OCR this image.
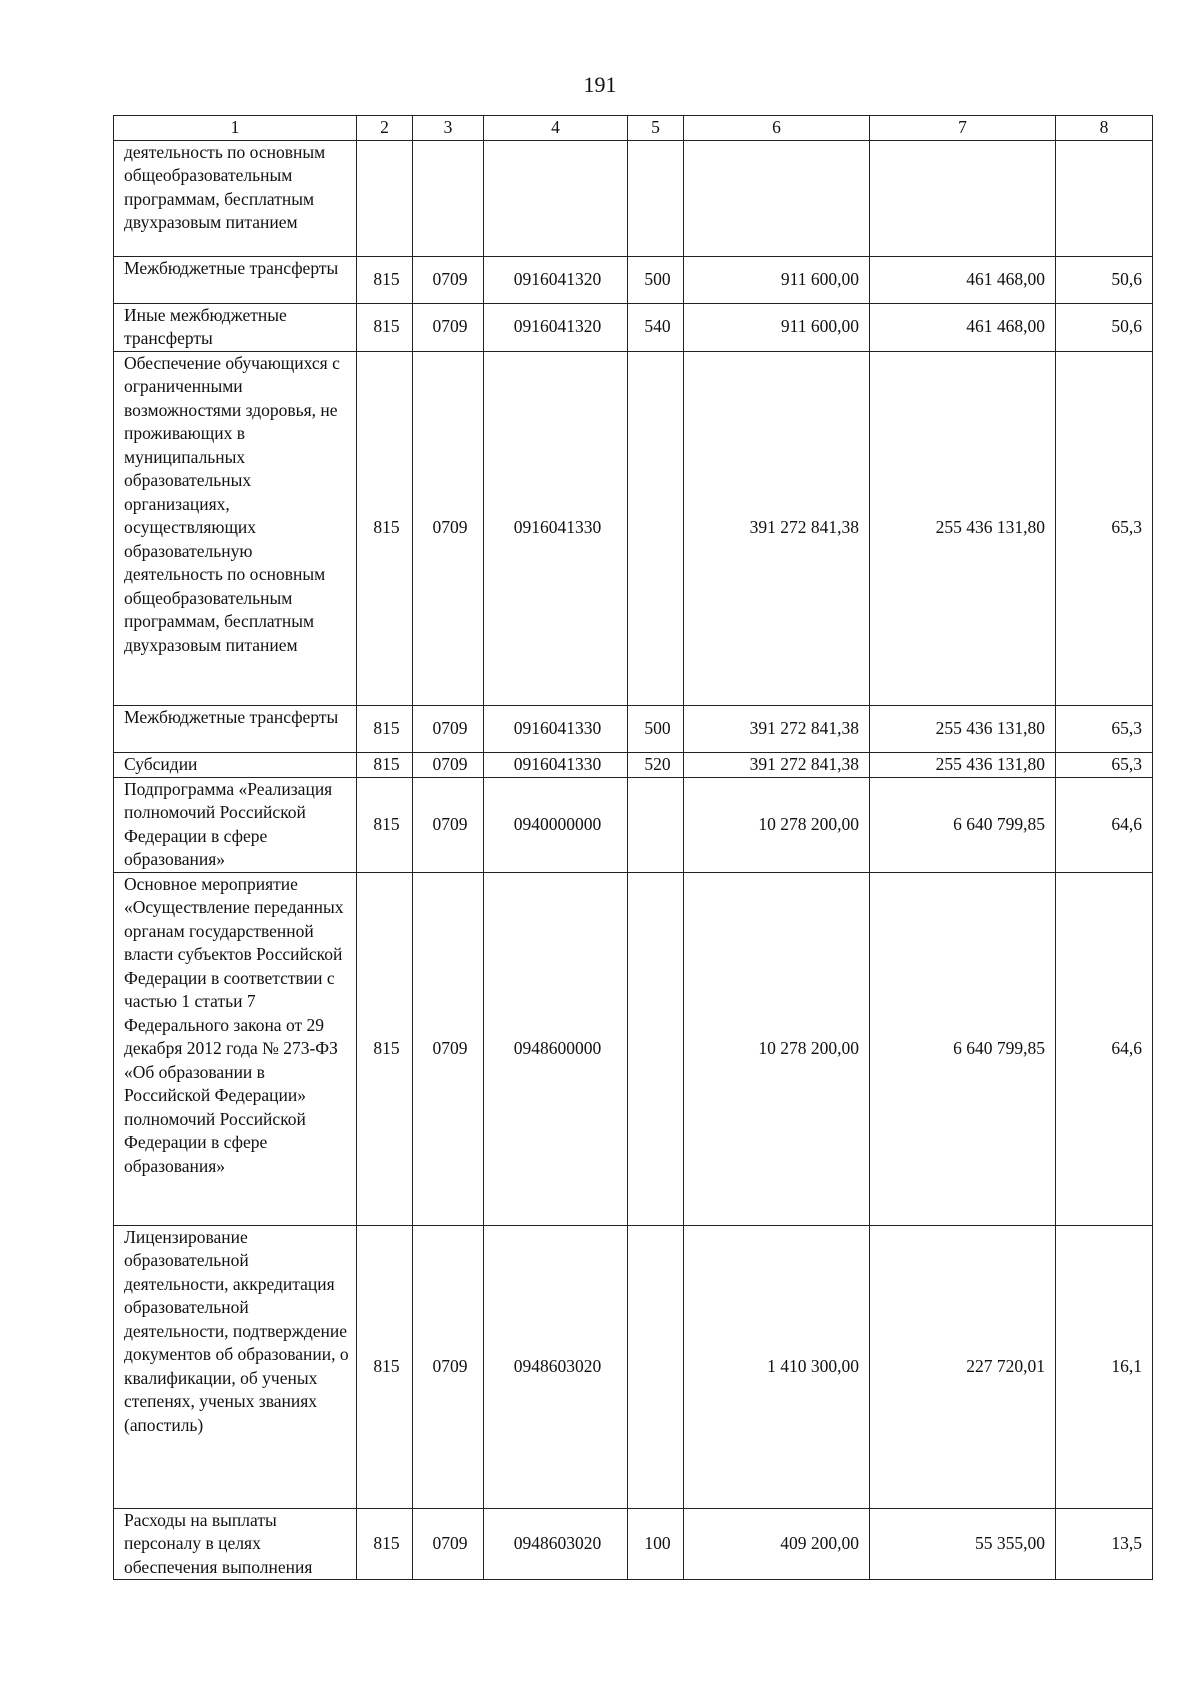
191
1	2	3	4	5	6	7	8
деятельность по основным общеобразовательным программам, бесплатным двухразовым питанием							
Межбюджетные трансферты	815	0709	0916041320	500	911 600,00	461 468,00	50,6
Иные межбюджетные трансферты	815	0709	0916041320	540	911 600,00	461 468,00	50,6
Обеспечение обучающихся с ограниченными возможностями здоровья, не проживающих в муниципальных образовательных организациях, осуществляющих образовательную деятельность по основным общеобразовательным программам, бесплатным двухразовым питанием	815	0709	0916041330		391 272 841,38	255 436 131,80	65,3
Межбюджетные трансферты	815	0709	0916041330	500	391 272 841,38	255 436 131,80	65,3
Субсидии	815	0709	0916041330	520	391 272 841,38	255 436 131,80	65,3
Подпрограмма «Реализация полномочий Российской Федерации в сфере образования»	815	0709	0940000000		10 278 200,00	6 640 799,85	64,6
Основное мероприятие «Осуществление переданных органам государственной власти субъектов Российской Федерации в соответствии с частью 1 статьи 7 Федерального закона от 29 декабря 2012 года № 273-ФЗ «Об образовании в Российской Федерации» полномочий Российской Федерации в сфере образования»	815	0709	0948600000		10 278 200,00	6 640 799,85	64,6
Лицензирование образовательной деятельности, аккредитация образовательной деятельности, подтверждение документов об образовании, о квалификации, об ученых степенях, ученых званиях (апостиль)	815	0709	0948603020		1 410 300,00	227 720,01	16,1
Расходы на выплаты персоналу в целях обеспечения выполнения	815	0709	0948603020	100	409 200,00	55 355,00	13,5
